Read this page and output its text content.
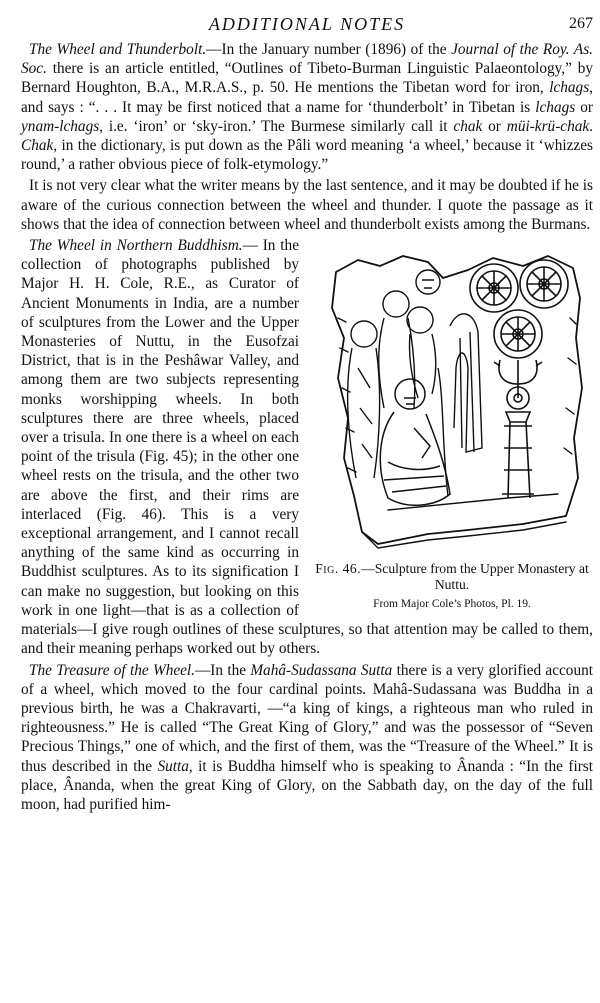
ADDITIONAL NOTES	267

The Wheel and Thunderbolt.—In the January number (1896) of the Journal of the Roy. As. Soc. there is an article entitled, “Outlines of Tibeto-Burman Linguistic Palaeontology,” by Bernard Houghton, B.A., M.R.A.S., p. 50. He mentions the Tibetan word for iron, lchags, and says : “. . . It may be first noticed that a name for ‘thunderbolt’ in Tibetan is lchags or ynam-lchags, i.e. ‘iron’ or ‘sky-iron.’ The Burmese similarly call it chak or müi-krü-chak. Chak, in the dictionary, is put down as the Pâli word meaning ‘a wheel,’ because it ‘whizzes round,’ a rather obvious piece of folk-etymology.”

It is not very clear what the writer means by the last sentence, and it may be doubted if he is aware of the curious connection between the wheel and thunder. I quote the passage as it shows that the idea of connection between wheel and thunderbolt exists among the Burmans.

Fig. 46.—Sculpture from the Upper Monastery at Nuttu.
From Major Cole’s Photos, Pl. 19.

The Wheel in Northern Buddhism.— In the collection of photographs published by Major H. H. Cole, R.E., as Curator of Ancient Monuments in India, are a number of sculptures from the Lower and the Upper Monasteries of Nuttu, in the Eusofzai District, that is in the Peshâwar Valley, and among them are two subjects representing monks worshipping wheels. In both sculptures there are three wheels, placed over a trisula. In one there is a wheel on each point of the trisula (Fig. 45); in the other one wheel rests on the trisula, and the other two are above the first, and their rims are interlaced (Fig. 46). This is a very exceptional arrangement, and I cannot recall anything of the same kind as occurring in Buddhist sculptures. As to its signification I can make no suggestion, but looking on this work in one light—that is as a collection of materials—I give rough outlines of these sculptures, so that attention may be called to them, and their meaning perhaps worked out by others.

The Treasure of the Wheel.—In the Mahâ-Sudassana Sutta there is a very glorified account of a wheel, which moved to the four cardinal points. Mahâ-Sudassana was Buddha in a previous birth, he was a Chakravarti, —“a king of kings, a righteous man who ruled in righteousness.” He is called “The Great King of Glory,” and was the possessor of “Seven Precious Things,” one of which, and the first of them, was the “Treasure of the Wheel.” It is thus described in the Sutta, it is Buddha himself who is speaking to Ânanda : “In the first place, Ânanda, when the great King of Glory, on the Sabbath day, on the day of the full moon, had purified him-
